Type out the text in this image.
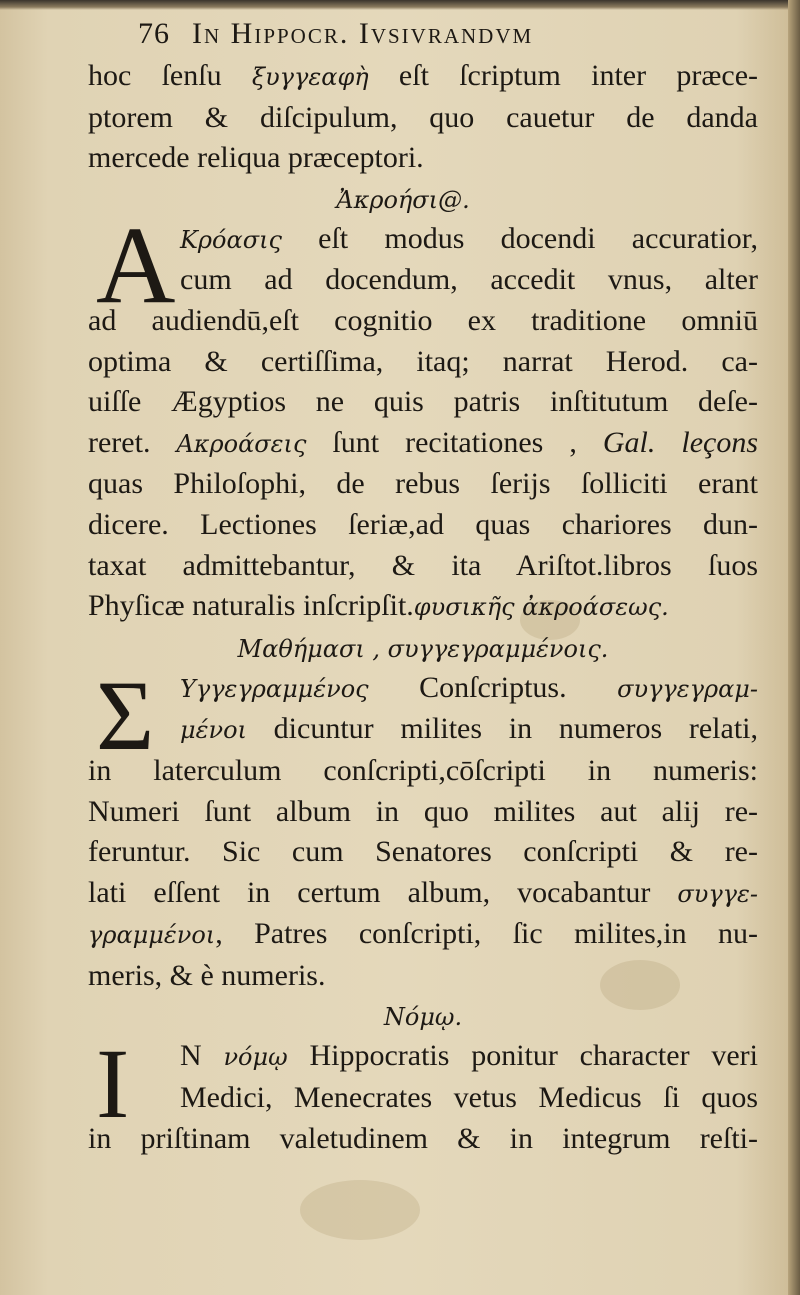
76 In Hippocr. Ivsivrandvm
hoc ſenſu ξυγγεαφὴ eſt ſcriptum inter præce-
ptorem & diſcipulum, quo cauetur de danda
mercede reliqua præceptori.
Ἀκροήσι@.
A Κρόασις eſt modus docendi accuratior,
cum ad docendum, accedit vnus, alter
ad audiendū,eſt cognitio ex traditione omniū
optima & certiſſima, itaq; narrat Herod. ca-
uiſſe Ægyptios ne quis patris inſtitutum deſe-
reret. Ακροάσεις ſunt recitationes , Gal. leçons
quas Philoſophi, de rebus ſerijs ſolliciti erant
dicere. Lectiones ſeriæ,ad quas chariores dun-
taxat admittebantur, & ita Ariſtot.libros ſuos
Phyſicæ naturalis inſcripſit.φυσικῆς ἀκροάσεως.
Μαθήμασι , συγγεγραμμένοις.
Σ	Υγγεγραμμένος Conſcriptus. συγγεγραμ-
μένοι dicuntur milites in numeros relati,
in laterculum conſcripti,cōſcripti in numeris:
Numeri ſunt album in quo milites aut alij re-
feruntur. Sic cum Senatores conſcripti & re-
lati eſſent in certum album, vocabantur συγγε-
γραμμένοι, Patres conſcripti, ſic milites,in nu-
meris, & è numeris.
Νόμῳ.
I	N νόμῳ Hippocratis ponitur character veri
Medici, Menecrates vetus Medicus ſi quos
in priſtinam valetudinem & in integrum reſti-
